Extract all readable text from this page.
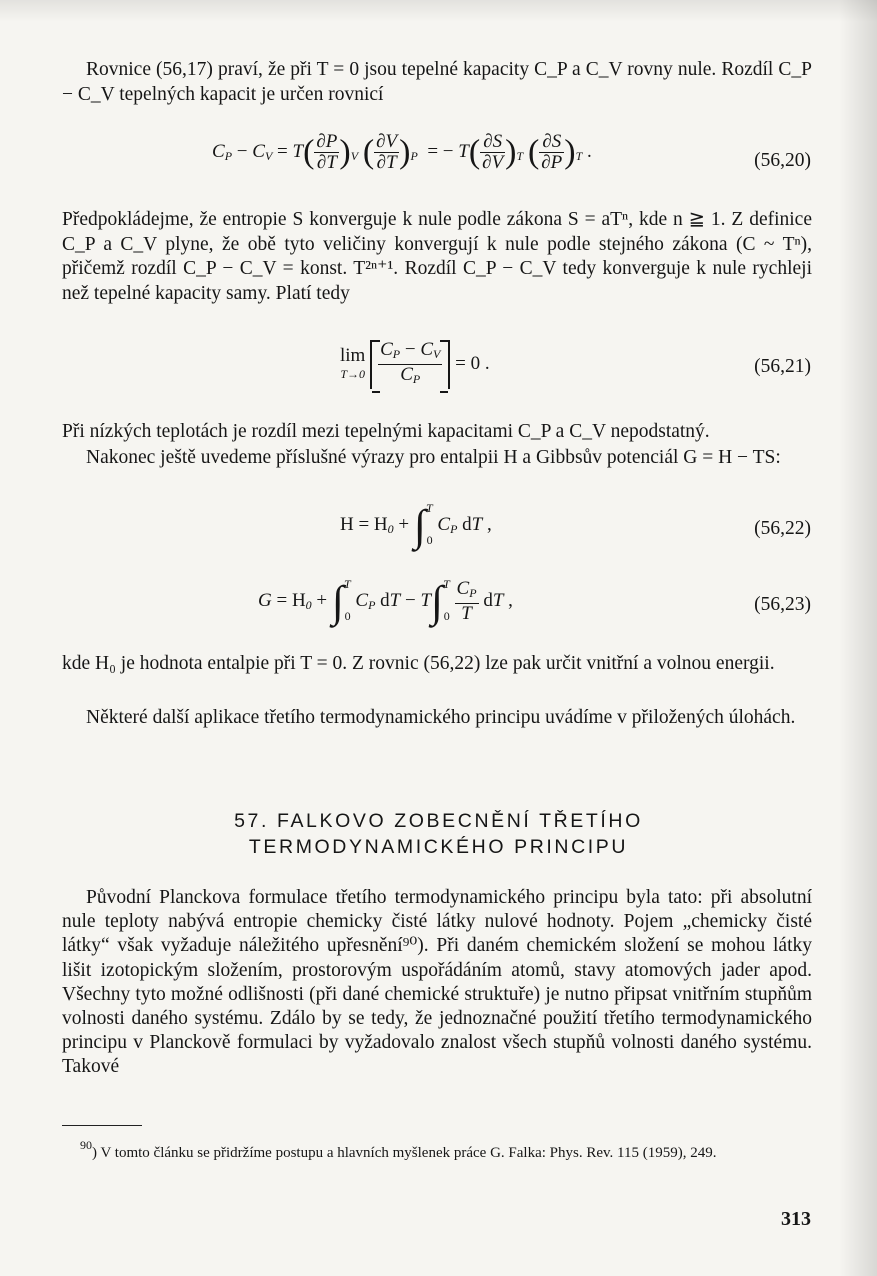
Rovnice (56,17) praví, že při T = 0 jsou tepelné kapacity C_P a C_V rovny nule. Rozdíl C_P − C_V tepelných kapacit je určen rovnicí

$C_P - C_V = T( \frac{\partial P}{\partial T} )_V$ ( $\frac{\partial V}{\partial T} )_P$  = − $T( \frac{\partial S}{\partial V} )_T$ ( $\frac{\partial S}{\partial P} )_T$ .	(56,20)

Předpokládejme, že entropie S konverguje k nule podle zákona S = aTⁿ, kde n ≧ 1. Z definice C_P a C_V plyne, že obě tyto veličiny konvergují k nule podle stejného zákona (C ~ Tⁿ), přičemž rozdíl C_P − C_V = konst. T²ⁿ⁺¹. Rozdíl C_P − C_V tedy konverguje k nule rychleji než tepelné kapacity samy. Platí tedy

lim
T→0
$\frac{C_P - C_V}{C_P} = 0$ .	(56,21)

Při nízkých teplotách je rozdíl mezi tepelnými kapacitami C_P a C_V nepodstatný.

Nakonec ještě uvedeme příslušné výrazy pro entalpii H a Gibbsův potenciál G = H − TS:

$H = H_0 + \int^T_0$ $C_P$ dT ,	(56,22)
$G = H_0 + \int^T_0$ $C_P$ dT − $T\int^T_0 \frac{C_P}{T}$ dT ,	(56,23)

kde H₀ je hodnota entalpie při T = 0. Z rovnic (56,22) lze pak určit vnitřní a volnou energii.

Některé další aplikace třetího termodynamického principu uvádíme v přiložených úlohách.

57. FALKOVO ZOBECNĚNÍ TŘETÍHO
TERMODYNAMICKÉHO PRINCIPU

Původní Planckova formulace třetího termodynamického principu byla tato: při absolutní nule teploty nabývá entropie chemicky čisté látky nulové hodnoty. Pojem „chemicky čisté látky“ však vyžaduje náležitého upřesnění⁹⁰). Při daném chemickém složení se mohou látky lišit izotopickým složením, prostorovým uspořádáním atomů, stavy atomových jader apod. Všechny tyto možné odlišnosti (při dané chemické struktuře) je nutno připsat vnitřním stupňům volnosti daného systému. Zdálo by se tedy, že jednoznačné použití třetího termodynamického principu v Planckově formulaci by vyžadovalo znalost všech stupňů volnosti daného systému. Takové

$^{90}$) V tomto článku se přidržíme postupu a hlavních myšlenek práce G. Falka: Phys. Rev. 115 (1959), 249.
313
